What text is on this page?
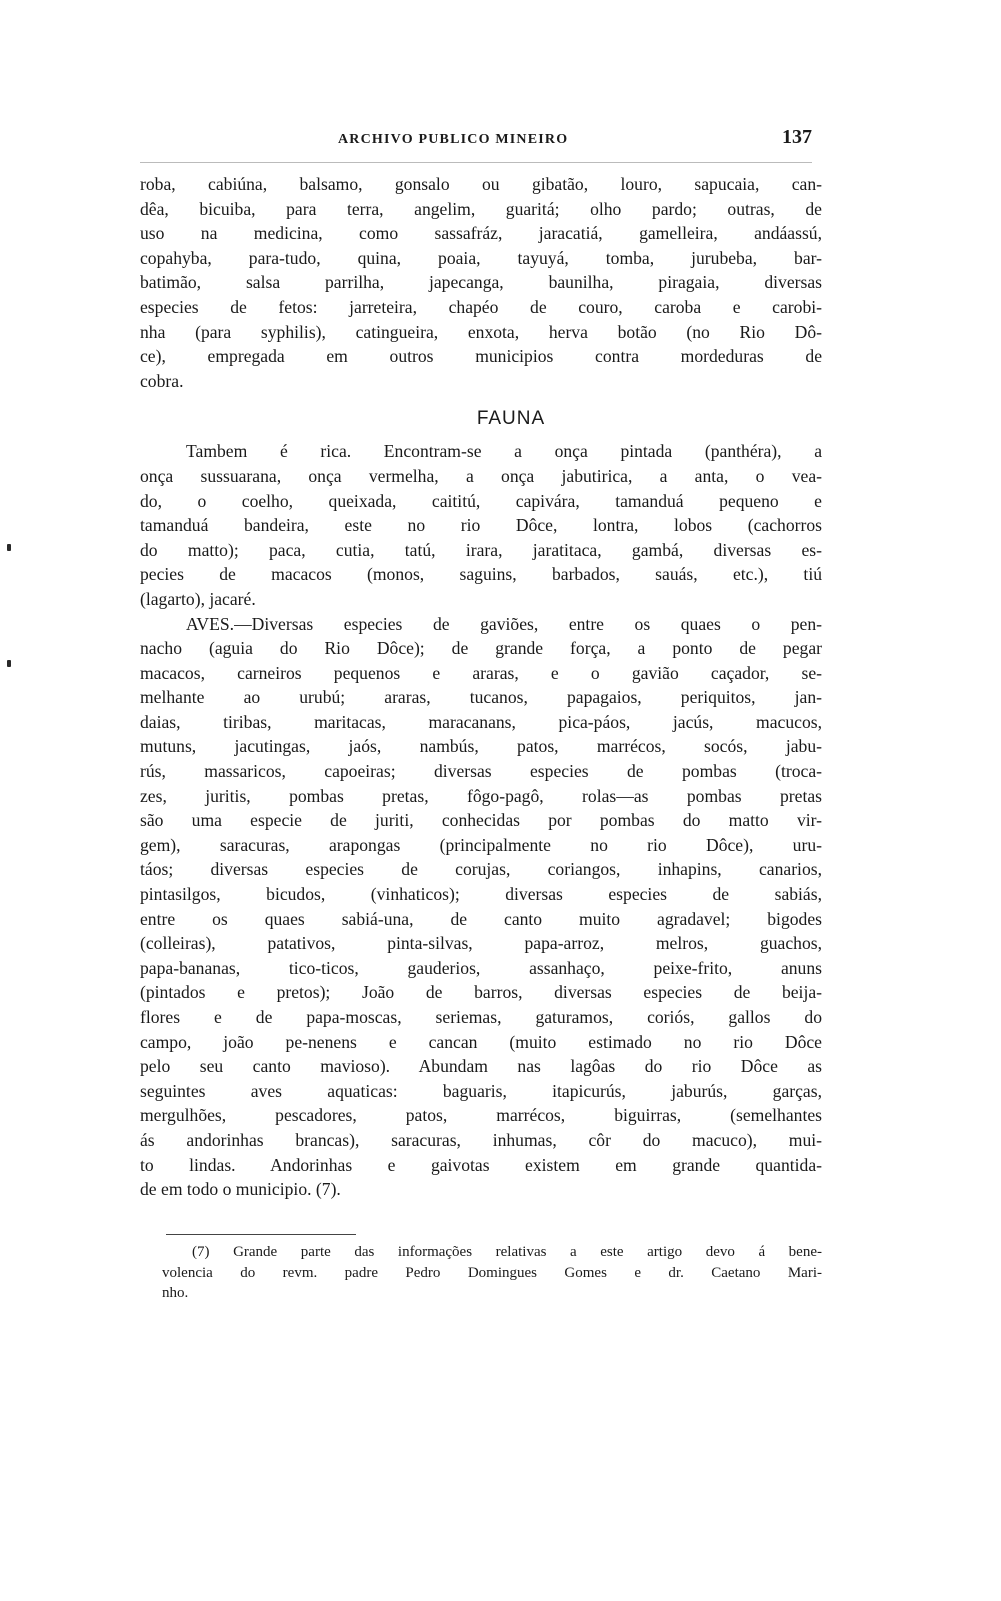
ARCHIVO PUBLICO MINEIRO	137
roba, cabiúna, balsamo, gonsalo ou gibatão, louro, sapucaia, can-
dêa, bicuiba, para terra, angelim, guaritá; olho pardo; outras, de
uso na medicina, como sassafráz, jaracatiá, gamelleira, andáassú,
copahyba, para-tudo, quina, poaia, tayuyá, tomba, jurubeba, bar-
batimão, salsa parrilha, japecanga, baunilha, piragaia, diversas
especies de fetos: jarreteira, chapéo de couro, caroba e carobi-
nha (para syphilis), catingueira, enxota, herva botão (no Rio Dô-
ce), empregada em outros municipios contra mordeduras de
cobra.
FAUNA
Tambem é rica. Encontram-se a onça pintada (panthéra), a
onça sussuarana, onça vermelha, a onça jabutirica, a anta, o vea-
do, o coelho, queixada, caititú, capivára, tamanduá pequeno e
tamanduá bandeira, este no rio Dôce, lontra, lobos (cachorros
do matto); paca, cutia, tatú, irara, jaratitaca, gambá, diversas es-
pecies de macacos (monos, saguins, barbados, sauás, etc.), tiú
(lagarto), jacaré.
AVES.—Diversas especies de gaviões, entre os quaes o pen-
nacho (aguia do Rio Dôce); de grande força, a ponto de pegar
macacos, carneiros pequenos e araras, e o gavião caçador, se-
melhante ao urubú; araras, tucanos, papagaios, periquitos, jan-
daias, tiribas, maritacas, maracanans, pica-páos, jacús, macucos,
mutuns, jacutingas, jaós, nambús, patos, marrécos, socós, jabu-
rús, massaricos, capoeiras; diversas especies de pombas (troca-
zes, juritis, pombas pretas, fôgo-pagô, rolas—as pombas pretas
são uma especie de juriti, conhecidas por pombas do matto vir-
gem), saracuras, arapongas (principalmente no rio Dôce), uru-
táos; diversas especies de corujas, coriangos, inhapins, canarios,
pintasilgos, bicudos, (vinhaticos); diversas especies de sabiás,
entre os quaes sabiá-una, de canto muito agradavel; bigodes
(colleiras), patativos, pinta-silvas, papa-arroz, melros, guachos,
papa-bananas, tico-ticos, gauderios, assanhaço, peixe-frito, anuns
(pintados e pretos); João de barros, diversas especies de beija-
flores e de papa-moscas, seriemas, gaturamos, coriós, gallos do
campo, joão pe-nenens e cancan (muito estimado no rio Dôce
pelo seu canto mavioso). Abundam nas lagôas do rio Dôce as
seguintes aves aquaticas: baguaris, itapicurús, jaburús, garças,
mergulhões, pescadores, patos, marrécos, biguirras, (semelhantes
ás andorinhas brancas), saracuras, inhumas, côr do macuco), mui-
to lindas. Andorinhas e gaivotas existem em grande quantida-
de em todo o municipio. (7).
(7) Grande parte das informações relativas a este artigo devo á bene-
volencia do revm. padre Pedro Domingues Gomes e dr. Caetano Mari-
nho.
